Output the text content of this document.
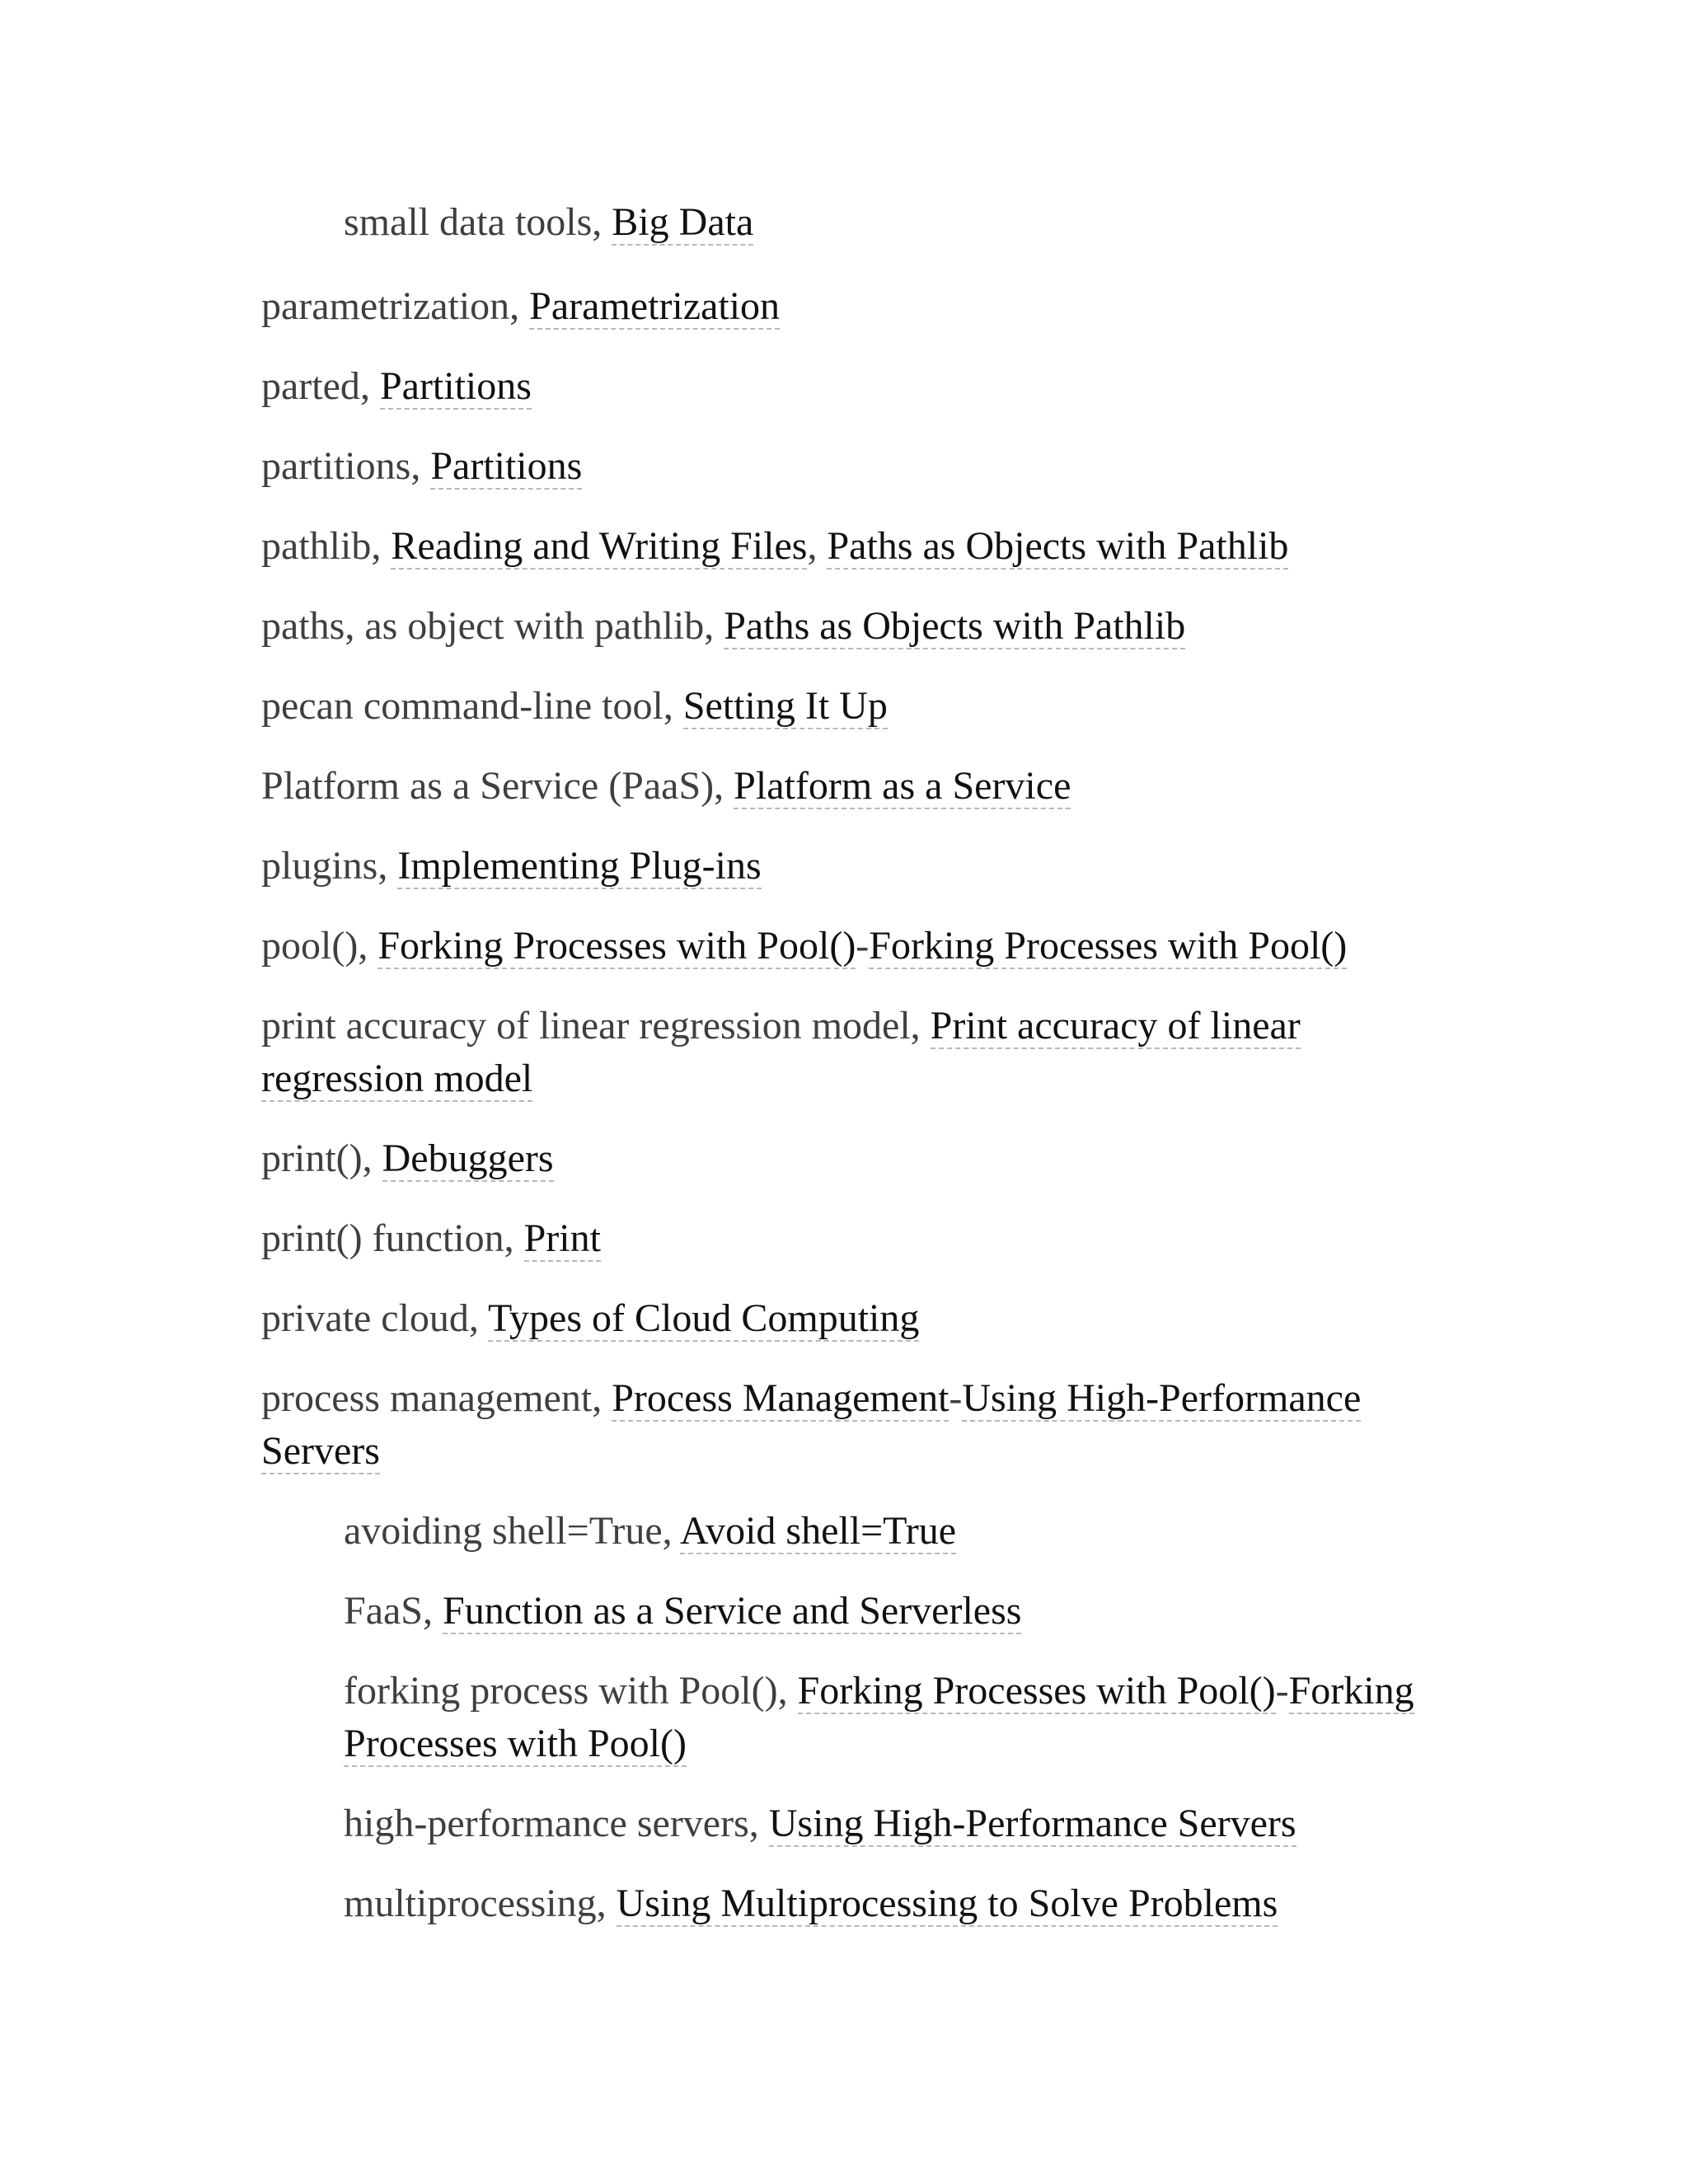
small data tools, Big Data
parametrization, Parametrization
parted, Partitions
partitions, Partitions
pathlib, Reading and Writing Files, Paths as Objects with Pathlib
paths, as object with pathlib, Paths as Objects with Pathlib
pecan command-line tool, Setting It Up
Platform as a Service (PaaS), Platform as a Service
plugins, Implementing Plug-ins
pool(), Forking Processes with Pool()-Forking Processes with Pool()
print accuracy of linear regression model, Print accuracy of linear regression model
print(), Debuggers
print() function, Print
private cloud, Types of Cloud Computing
process management, Process Management-Using High-Performance Servers
avoiding shell=True, Avoid shell=True
FaaS, Function as a Service and Serverless
forking process with Pool(), Forking Processes with Pool()-Forking Processes with Pool()
high-performance servers, Using High-Performance Servers
multiprocessing, Using Multiprocessing to Solve Problems
